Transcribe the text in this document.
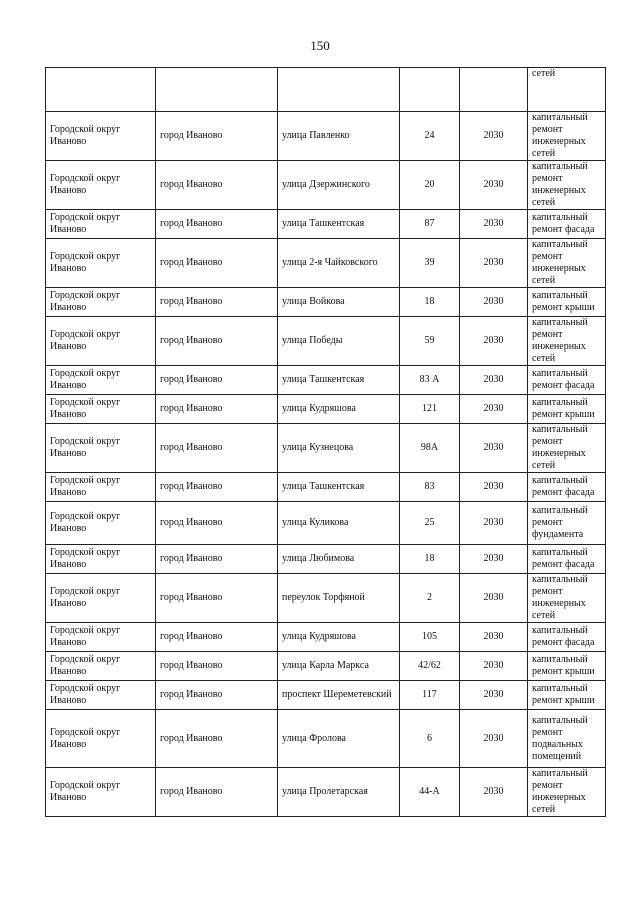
150
					сетей
Городской округ Иваново	город Иваново	улица Павленко	24	2030	капитальный ремонт инженерных сетей
Городской округ Иваново	город Иваново	улица Дзержинского	20	2030	капитальный ремонт инженерных сетей
Городской округ Иваново	город Иваново	улица Ташкентская	87	2030	капитальный ремонт фасада
Городской округ Иваново	город Иваново	улица 2-я Чайковского	39	2030	капитальный ремонт инженерных сетей
Городской округ Иваново	город Иваново	улица Войкова	18	2030	капитальный ремонт крыши
Городской округ Иваново	город Иваново	улица Победы	59	2030	капитальный ремонт инженерных сетей
Городской округ Иваново	город Иваново	улица Ташкентская	83 А	2030	капитальный ремонт фасада
Городской округ Иваново	город Иваново	улица Кудряшова	121	2030	капитальный ремонт крыши
Городской округ Иваново	город Иваново	улица Кузнецова	98А	2030	капитальный ремонт инженерных сетей
Городской округ Иваново	город Иваново	улица Ташкентская	83	2030	капитальный ремонт фасада
Городской округ Иваново	город Иваново	улица Куликова	25	2030	капитальный ремонт фундамента
Городской округ Иваново	город Иваново	улица Любимова	18	2030	капитальный ремонт фасада
Городской округ Иваново	город Иваново	переулок Торфяной	2	2030	капитальный ремонт инженерных сетей
Городской округ Иваново	город Иваново	улица Кудряшова	105	2030	капитальный ремонт фасада
Городской округ Иваново	город Иваново	улица Карла Маркса	42/62	2030	капитальный ремонт крыши
Городской округ Иваново	город Иваново	проспект Шереметевский	117	2030	капитальный ремонт крыши
Городской округ Иваново	город Иваново	улица Фролова	6	2030	капитальный ремонт подвальных помещений
Городской округ Иваново	город Иваново	улица Пролетарская	44-А	2030	капитальный ремонт инженерных сетей
